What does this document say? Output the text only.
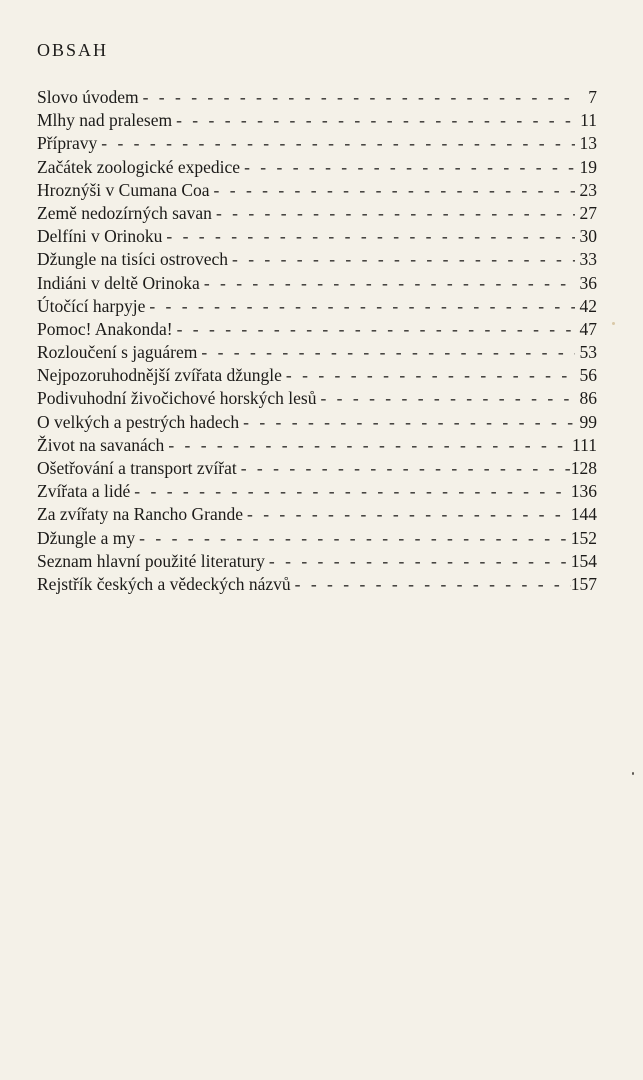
OBSAH
Slovo úvodem - - -	7
Mlhy nad pralesem - - -	11
Přípravy - - -	13
Začátek zoologické expedice - - -	19
Hroznýši v Cumana Coa - - -	23
Země nedozírných savan - - -	27
Delfíni v Orinoku - - -	30
Džungle na tisíci ostrovech - - -	33
Indiáni v deltě Orinoka - - -	36
Útočící harpyje - - -	42
Pomoc! Anakonda! - - -	47
Rozloučení s jaguárem - - -	53
Nejpozoruhodnější zvířata džungle - - -	56
Podivuhodní živočichové horských lesů - - -	86
O velkých a pestrých hadech - - -	99
Život na savanách - - -	111
Ošetřování a transport zvířat - - -	128
Zvířata a lidé - - -	136
Za zvířaty na Rancho Grande - - -	144
Džungle a my - - -	152
Seznam hlavní použité literatury - - -	154
Rejstřík českých a vědeckých názvů - - -	157
